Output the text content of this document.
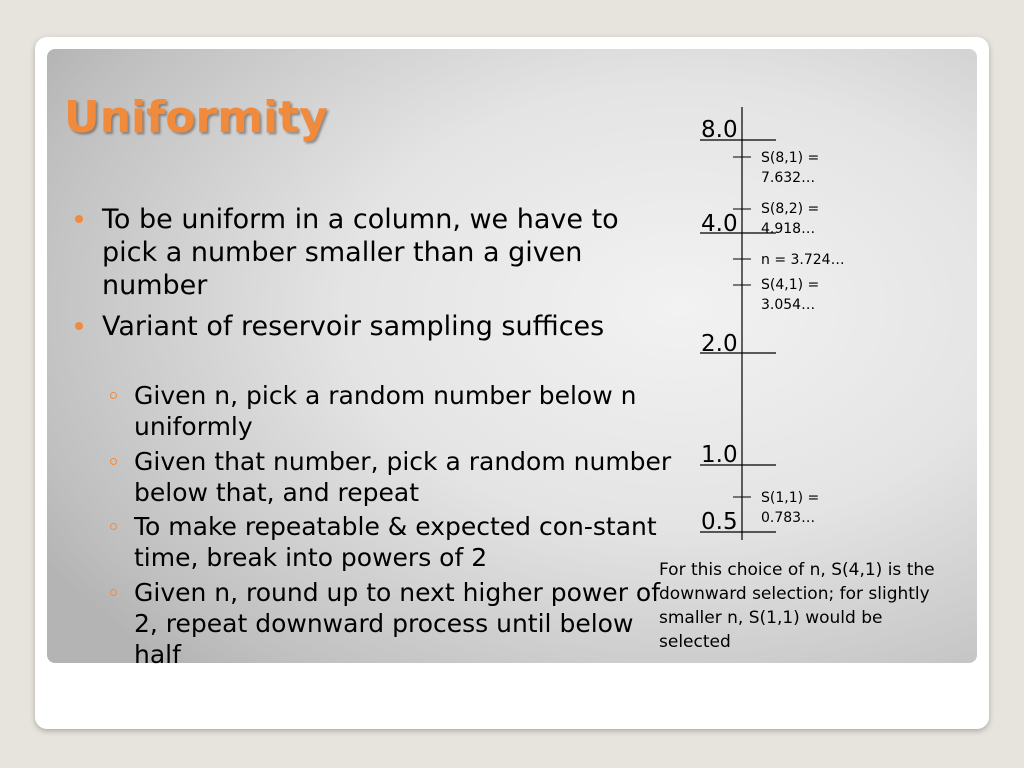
Uniformity
To be uniform in a column, we have to pick a number smaller than a given number
Variant of reservoir sampling suffices
Given n, pick a random number below n uniformly
Given that number, pick a random number below that, and repeat
To make repeatable & expected con-stant time, break into powers of 2
Given n, round up to next higher power of 2, repeat downward process until below half
8.0
4.0
2.0
1.0
0.5
S(8,1) =
7.632…
S(8,2) =
4.918…
n = 3.724…
S(4,1) =
3.054…
S(1,1) =
0.783…
For this choice of n, S(4,1) is the downward selection; for slightly smaller n, S(1,1) would be selected
